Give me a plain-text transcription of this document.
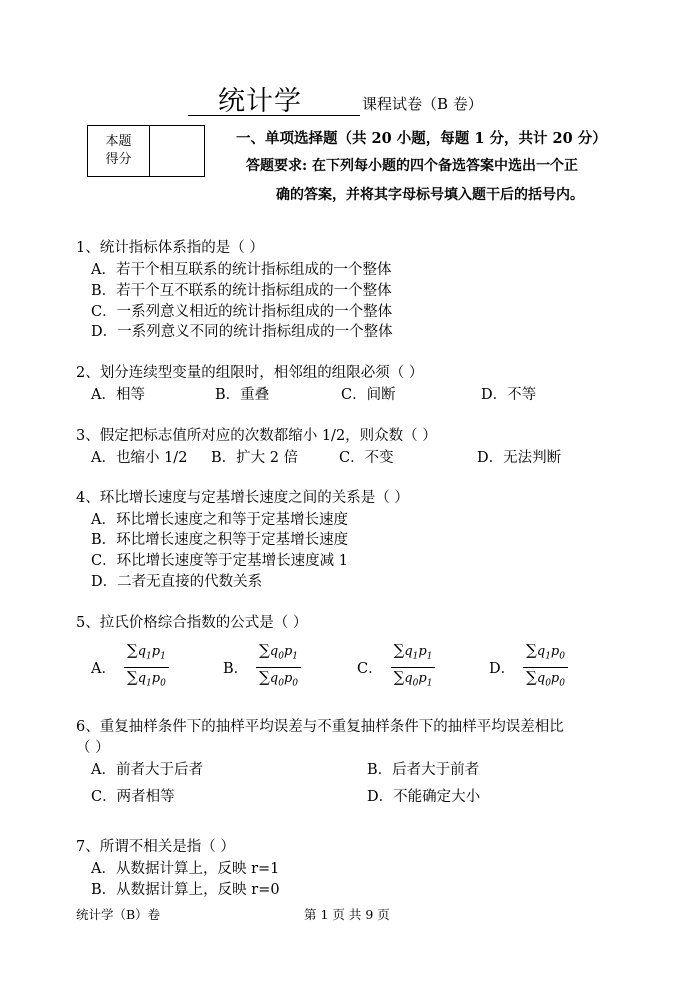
统计学	课程试卷（B 卷）
本题
得分

一、单项选择题（共 20 小题，每题 1 分，共计 20 分）
答题要求: 在下列每小题的四个备选答案中选出一个正
确的答案，并将其字母标号填入题干后的括号内。
1、统计指标体系指的是（ ）
A．若干个相互联系的统计指标组成的一个整体
B．若干个互不联系的统计指标组成的一个整体
C．一系列意义相近的统计指标组成的一个整体
D．一系列意义不同的统计指标组成的一个整体
2、划分连续型变量的组限时，相邻组的组限必须（ ）
A．相等	B．重叠	C．间断	D．不等
3、假定把标志值所对应的次数都缩小 1/2，则众数（ ）
A．也缩小 1/2 B．扩大 2 倍	C．不变	D．无法判断
4、环比增长速度与定基增长速度之间的关系是（ ）
A．环比增长速度之和等于定基增长速度
B．环比增长速度之积等于定基增长速度
C．环比增长速度等于定基增长速度减 1
D．二者无直接的代数关系
5、拉氏价格综合指数的公式是（ ）
A． $\frac{\sum q_1p_1}{\sum q_1p_0}$	B． $\frac{\sum q_0p_1}{\sum q_0p_0}$	C． $\frac{\sum q_1p_1}{\sum q_0p_1}$	D． $\frac{\sum q_1p_0}{\sum q_0p_0}$
6、重复抽样条件下的抽样平均误差与不重复抽样条件下的抽样平均误差相比
（ ）
A．前者大于后者	B．后者大于前者
C．两者相等	D．不能确定大小
7、所谓不相关是指（ ）
A．从数据计算上，反映 r=1
B．从数据计算上，反映 r=0
统计学（B）卷	第 1 页 共 9 页
